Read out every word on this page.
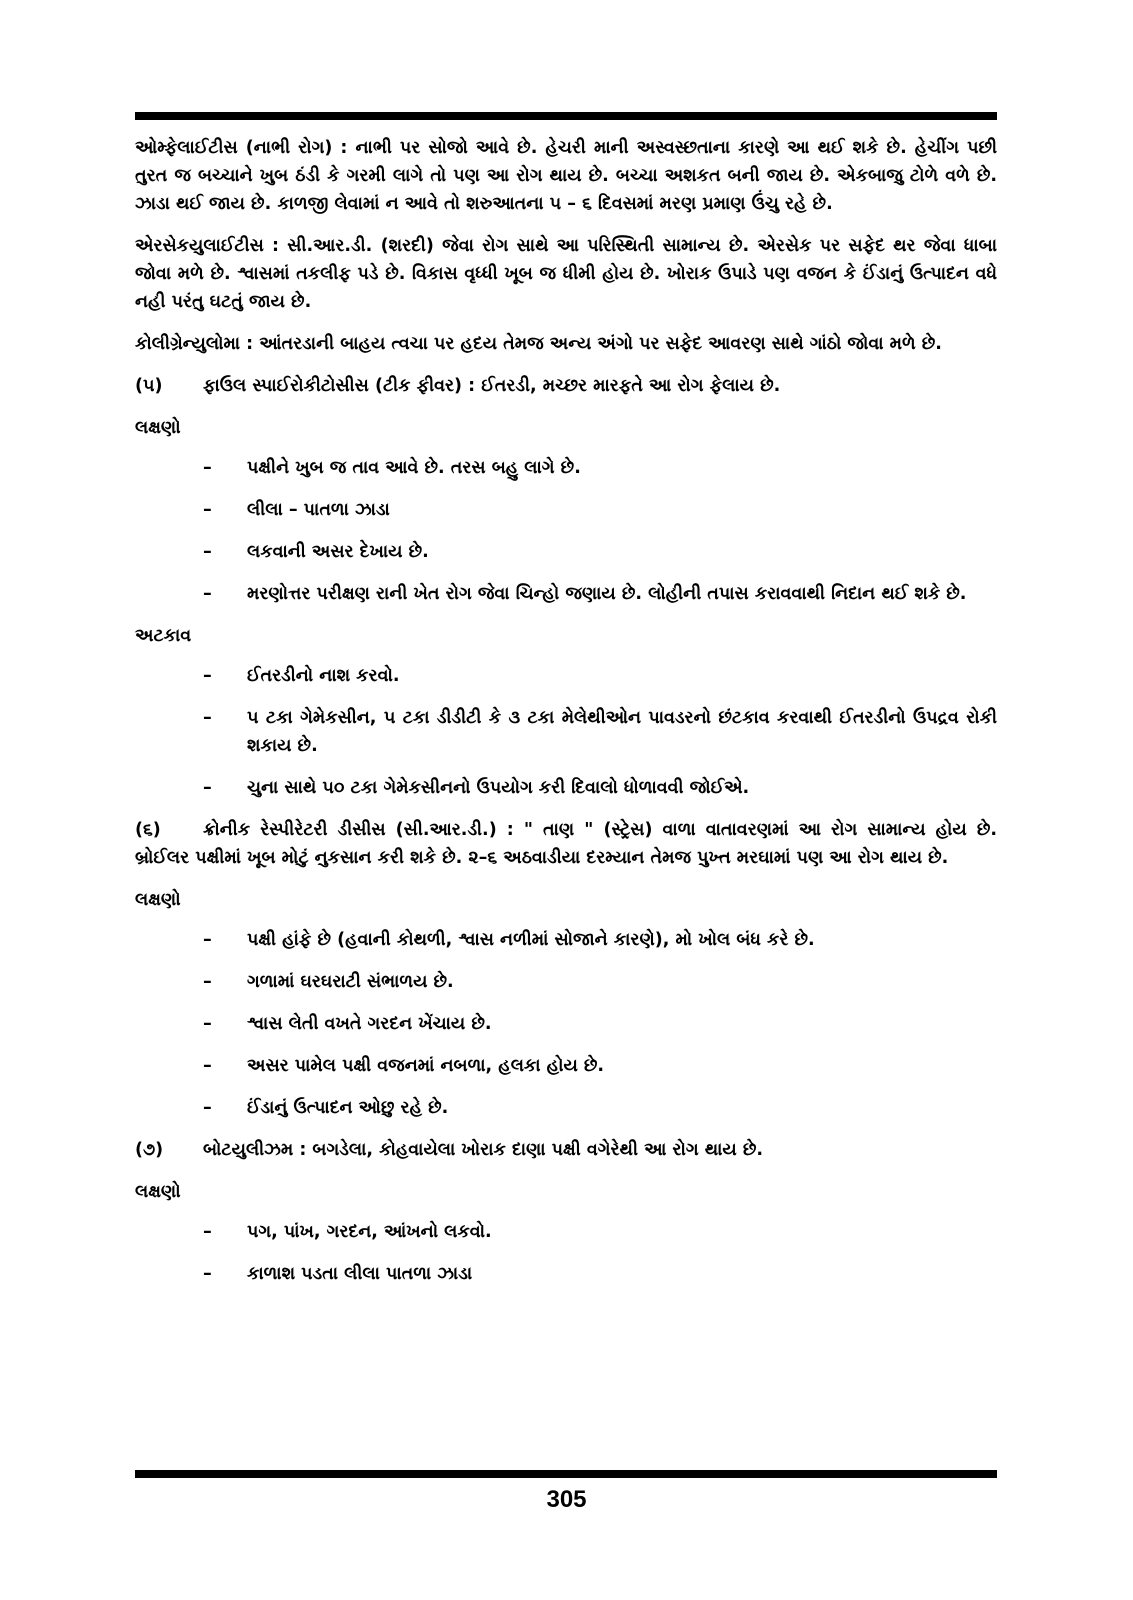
ઓમ્ફેલાઈટીસ (નાભી રોગ) : નાભી પર સોજો આવે છે. હેચરી માની અસ્વસ્છતાના કારણે આ થઈ શકે છે. હેચીંગ પછી તુરત જ બચ્ચાને ખુબ ઠંડી કે ગરમી લાગે તો પણ આ રોગ થાય છે. બચ્ચા અશકત બની જાય છે. એકબાજુ ટોળે વળે છે. ઝાડા થઈ જાય છે. કાળજી લેવામાં ન આવે તો શરુઆતના ૫ – ૬ દિવસમાં મરણ પ્રમાણ ઉંચુ રહે છે.

એરસેકયુલાઈટીસ : સી.આર.ડી. (શરદી) જેવા રોગ સાથે આ પરિસ્થિતી સામાન્ય છે. એરસેક પર સફેદ થર જેવા ધાબા જોવા મળે છે. શ્વાસમાં તકલીફ પડે છે. વિકાસ વૃધ્ધી ખૂબ જ ધીમી હોય છે. ખોરાક ઉપાડે પણ વજન કે ઈંડાનું ઉત્પાદન વધે નહી પરંતુ ઘટતું જાય છે.

કોલીગ્રેન્યુલોમા : આંતરડાની બાહય ત્વચા પર હદય તેમજ અન્ય અંગો પર સફેદ આવરણ સાથે ગાંઠો જોવા મળે છે.

(૫) ફાઉલ સ્પાઈરોકીટોસીસ (ટીક ફીવર) : ઈતરડી, મચ્છર મારફતે આ રોગ ફેલાય છે.

લક્ષણો
–	પક્ષીને ખુબ જ તાવ આવે છે. તરસ બહુ લાગે છે.
–	લીલા – પાતળા ઝાડા
–	લકવાની અસર દેખાય છે.
–	મરણોત્તર પરીક્ષણ રાની ખેત રોગ જેવા ચિન્હો જણાય છે. લોહીની તપાસ કરાવવાથી નિદાન થઈ શકે છે.
અટકાવ
–	ઈતરડીનો નાશ કરવો.
–	૫ ટકા ગેમેકસીન, ૫ ટકા ડીડીટી કે ૩ ટકા મેલેથીઓન પાવડરનો છંટકાવ કરવાથી ઈતરડીનો ઉપદ્રવ રોકી શકાય છે.
–	ચુના સાથે ૫૦ ટકા ગેમેકસીનનો ઉપયોગ કરી દિવાલો ધોળાવવી જોઈએ.

(૬) ક્રોનીક રેસ્પીરેટરી ડીસીસ (સી.આર.ડી.) : " તાણ " (સ્ટ્રેસ) વાળા વાતાવરણમાં આ રોગ સામાન્ય હોય છે. બ્રોઈલર પક્ષીમાં ખૂબ મોટું નુકસાન કરી શકે છે. ૨–૬ અઠવાડીયા દરમ્યાન તેમજ પુખ્ત મરઘામાં પણ આ રોગ થાય છે.

લક્ષણો
–	પક્ષી હાંફે છે (હવાની કોથળી, શ્વાસ નળીમાં સોજાને કારણે), મો ખોલ બંધ કરે છે.
–	ગળામાં ઘરઘરાટી સંભાળય છે.
–	શ્વાસ લેતી વખતે ગરદન ખેંચાય છે.
–	અસર પામેલ પક્ષી વજનમાં નબળા, હલકા હોય છે.
–	ઈંડાનું ઉત્પાદન ઓછુ રહે છે.

(૭) બોટયુલીઝમ : બગડેલા, કોહવાયેલા ખોરાક દાણા પક્ષી વગેરેથી આ રોગ થાય છે.

લક્ષણો
–	પગ, પાંખ, ગરદન, આંખનો લકવો.
–	કાળાશ પડતા લીલા પાતળા ઝાડા
305
